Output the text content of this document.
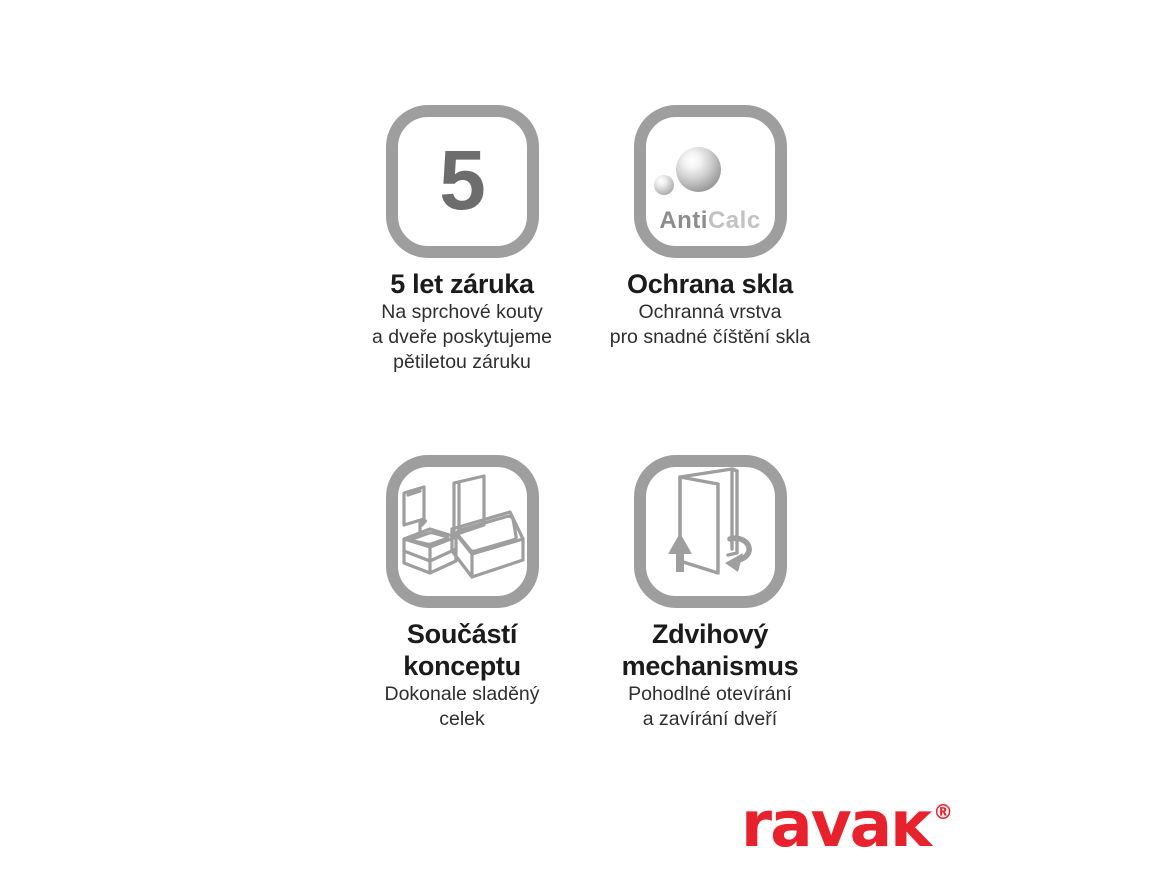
5
5 let záruka
Na sprchové kouty
a dveře poskytujeme
pětiletou záruku
AntiCalc
Ochrana skla
Ochranná vrstva
pro snadné číštění skla
Součástí konceptu
Dokonale sladěný
celek
Zdvihový mechanismus
Pohodlné otevírání
a zavírání dveří
ravaĸ ®
